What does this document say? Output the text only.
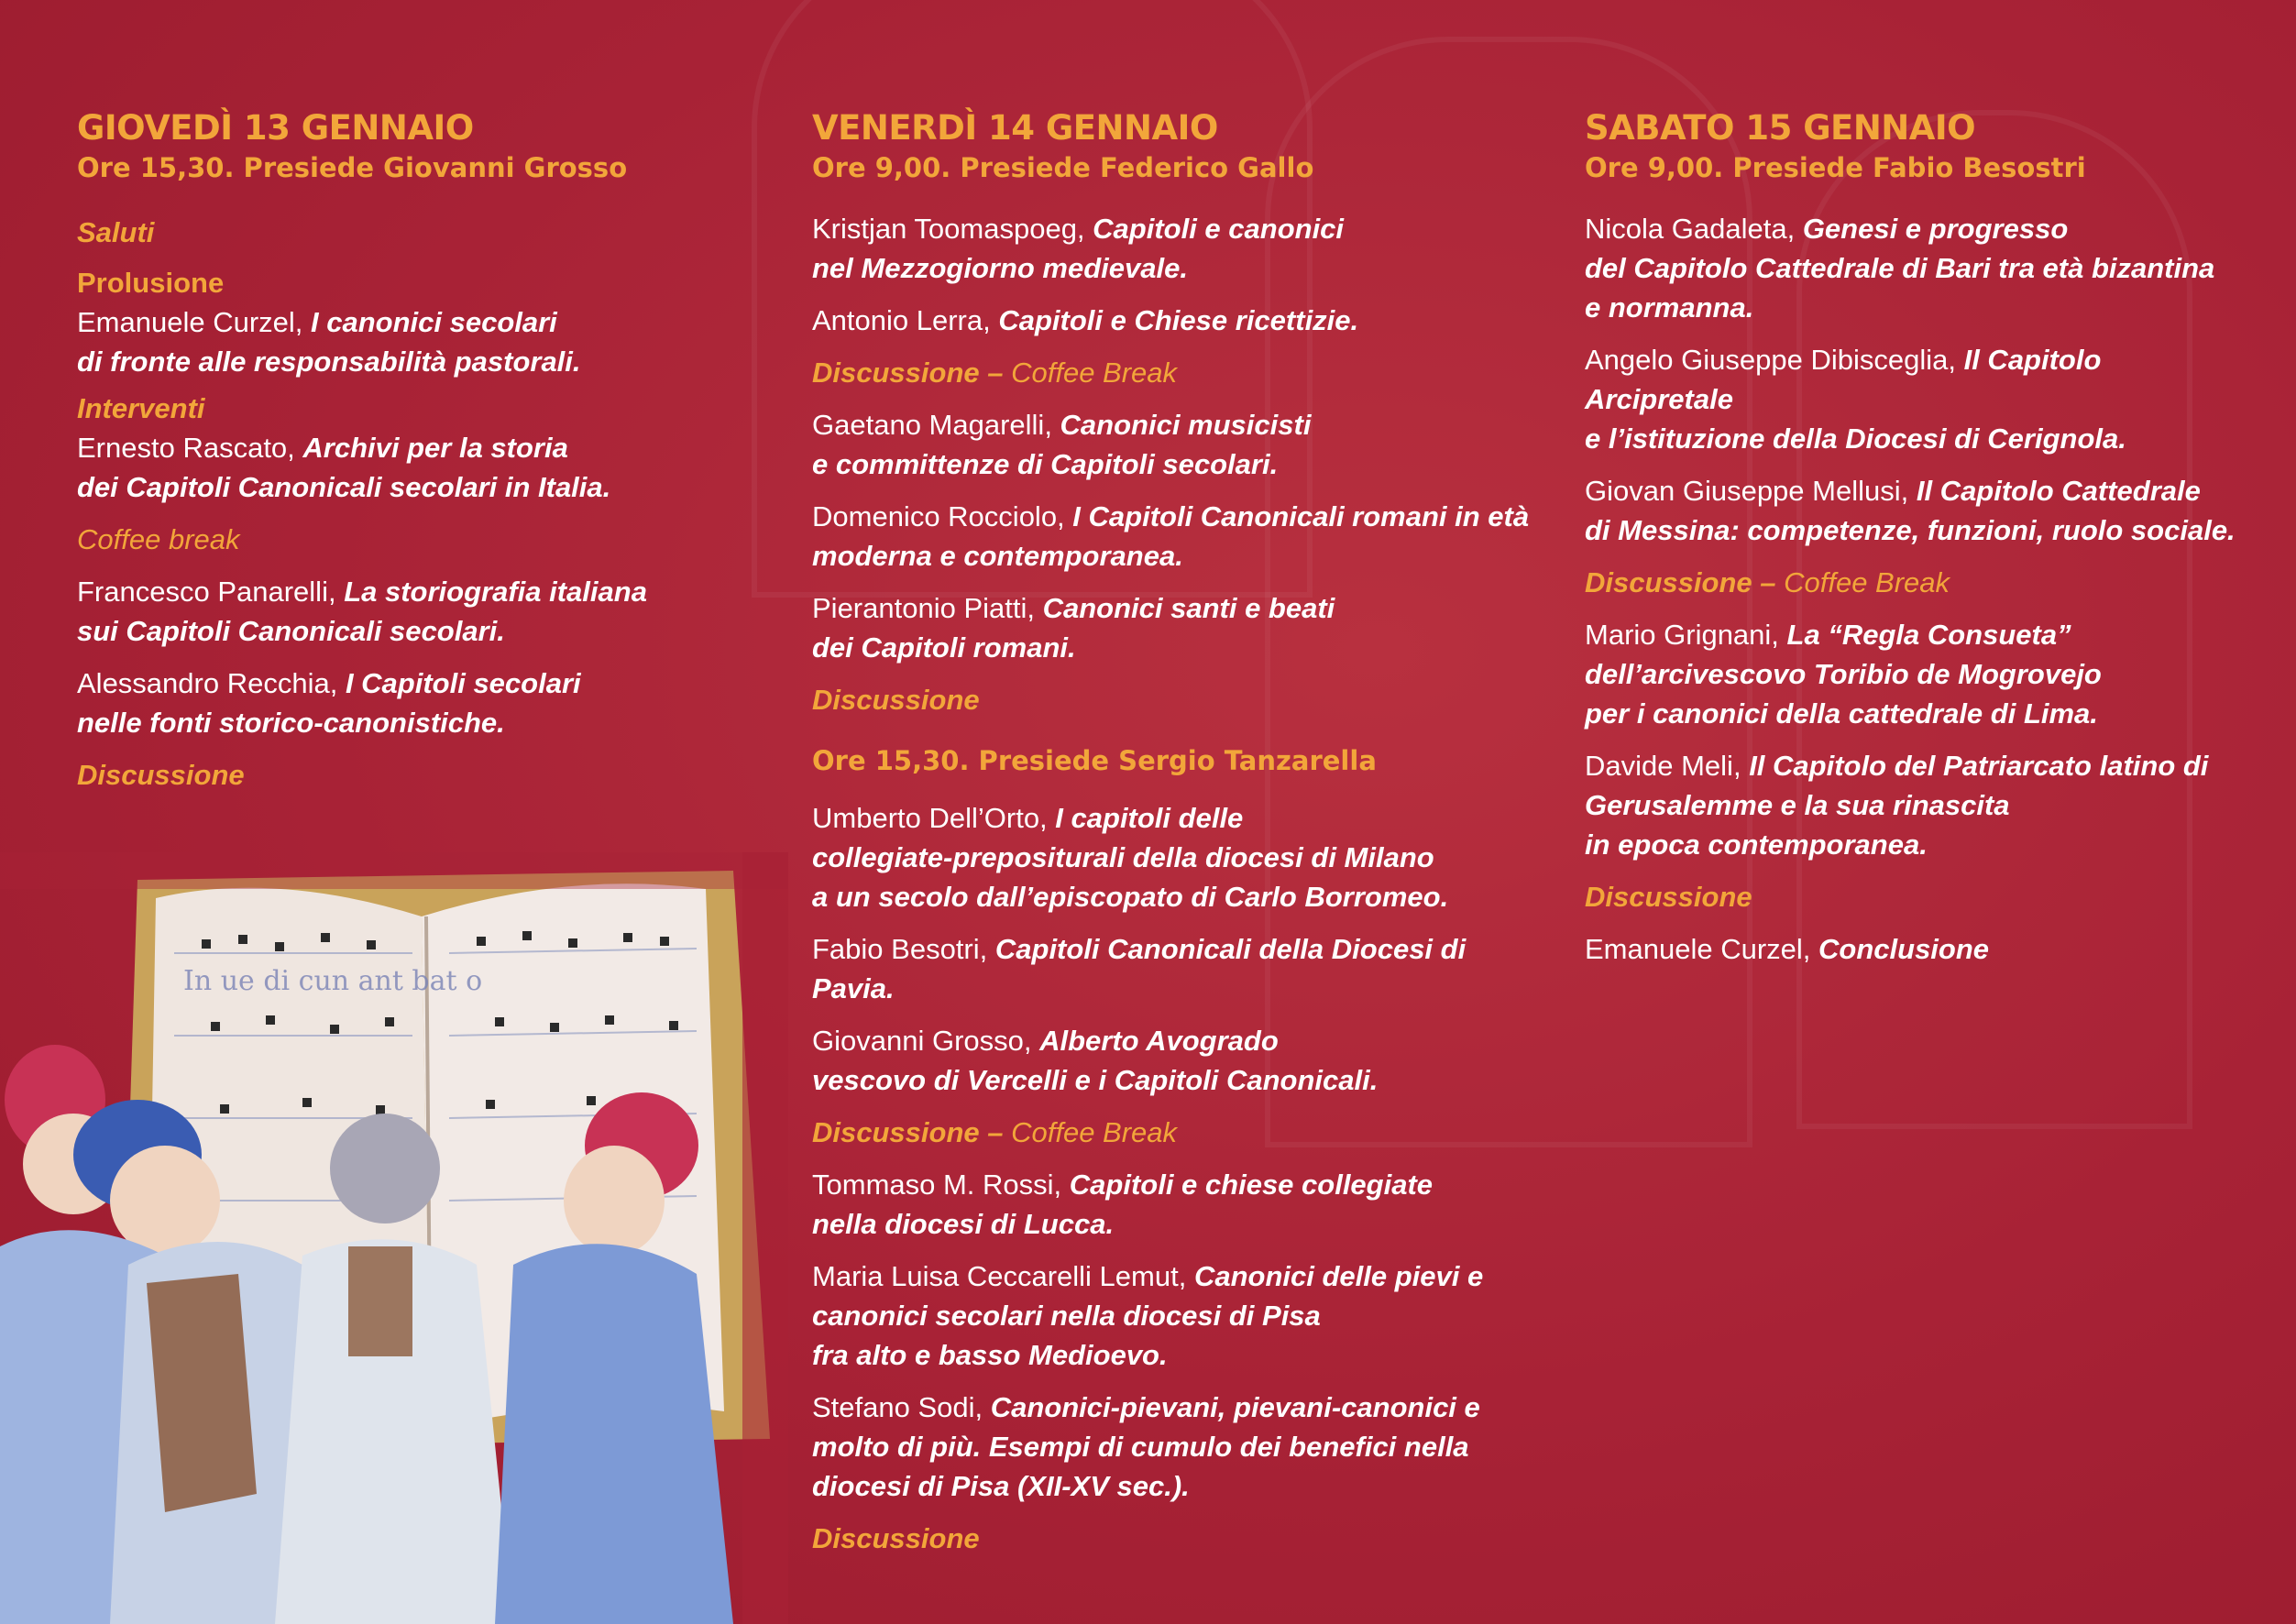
GIOVEDÌ 13 GENNAIO
Ore 15,30. Presiede Giovanni Grosso
Saluti
Prolusione
Emanuele Curzel, I canonici secolari
di fronte alle responsabilità pastorali.
Interventi
Ernesto Rascato, Archivi per la storia
dei Capitoli Canonicali secolari in Italia.
Coffee break
Francesco Panarelli, La storiografia italiana
sui Capitoli Canonicali secolari.
Alessandro Recchia, I Capitoli secolari
nelle fonti storico-canonistiche.
Discussione
In ue di cun ant bat o
VENERDÌ 14 GENNAIO
Ore 9,00. Presiede Federico Gallo
Kristjan Toomaspoeg, Capitoli e canonici
nel Mezzogiorno medievale.
Antonio Lerra, Capitoli e Chiese ricettizie.
Discussione – Coffee Break
Gaetano Magarelli, Canonici musicisti
e committenze di Capitoli secolari.
Domenico Rocciolo, I Capitoli Canonicali romani in età
moderna e contemporanea.
Pierantonio Piatti, Canonici santi e beati
dei Capitoli romani.
Discussione
Ore 15,30. Presiede Sergio Tanzarella
Umberto Dell’Orto, I capitoli delle
collegiate-prepositurali della diocesi di Milano
a un secolo dall’episcopato di Carlo Borromeo.
Fabio Besotri, Capitoli Canonicali della Diocesi di Pavia.
Giovanni Grosso, Alberto Avogrado
vescovo di Vercelli e i Capitoli Canonicali.
Discussione – Coffee Break
Tommaso M. Rossi, Capitoli e chiese collegiate
nella diocesi di Lucca.
Maria Luisa Ceccarelli Lemut, Canonici delle pievi e
canonici secolari nella diocesi di Pisa
fra alto e basso Medioevo.
Stefano Sodi, Canonici-pievani, pievani-canonici e
molto di più. Esempi di cumulo dei benefici nella
diocesi di Pisa (XII-XV sec.).
Discussione
SABATO 15 GENNAIO
Ore 9,00. Presiede Fabio Besostri
Nicola Gadaleta, Genesi e progresso
del Capitolo Cattedrale di Bari tra età bizantina
e normanna.
Angelo Giuseppe Dibisceglia, Il Capitolo Arcipretale
e l’istituzione della Diocesi di Cerignola.
Giovan Giuseppe Mellusi, Il Capitolo Cattedrale
di Messina: competenze, funzioni, ruolo sociale.
Discussione – Coffee Break
Mario Grignani, La “Regla Consueta”
dell’arcivescovo Toribio de Mogrovejo
per i canonici della cattedrale di Lima.
Davide Meli, Il Capitolo del Patriarcato latino di
Gerusalemme e la sua rinascita
in epoca contemporanea.
Discussione
Emanuele Curzel, Conclusione
